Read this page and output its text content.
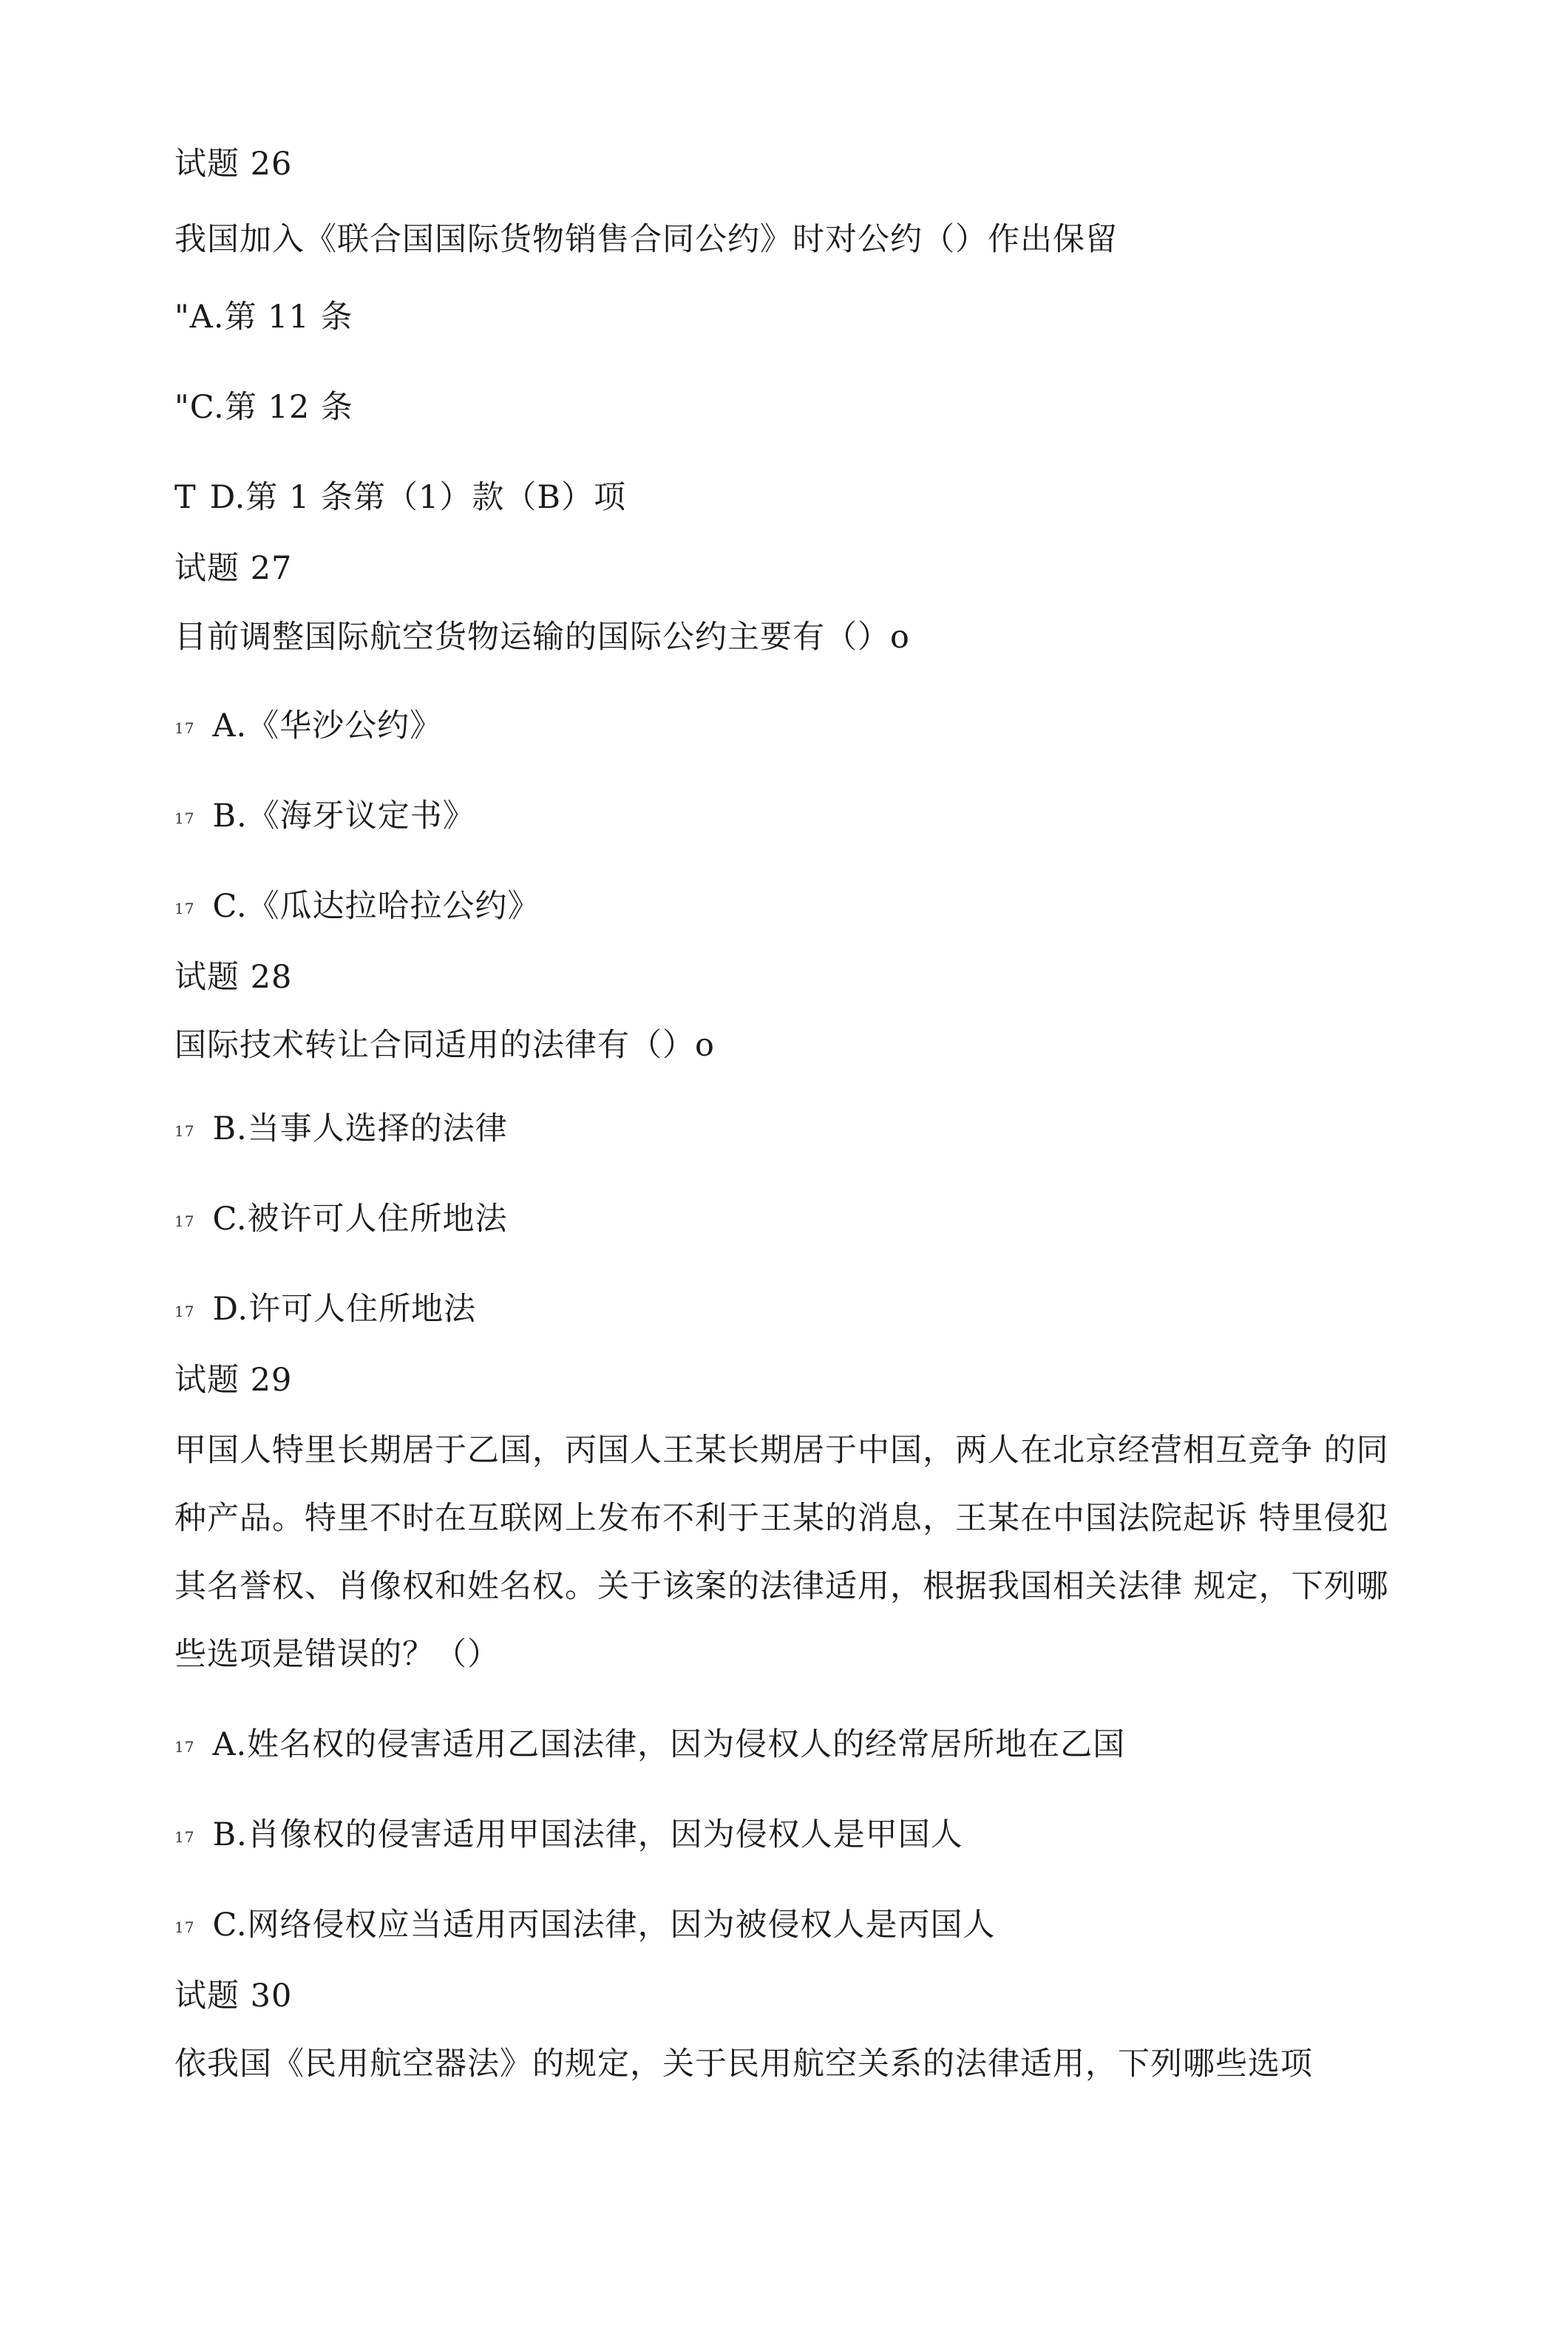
试题 26
我国加入《联合国国际货物销售合同公约》时对公约（）作出保留
"A.第 11 条
"C.第 12 条
T D.第 1 条第（1）款（B）项
试题 27
目前调整国际航空货物运输的国际公约主要有（）o
17 A.《华沙公约》
17 B.《海牙议定书》
17 C.《瓜达拉哈拉公约》
试题 28
国际技术转让合同适用的法律有（）o
17 B.当事人选择的法律
17 C.被许可人住所地法
17 D.许可人住所地法
试题 29
甲国人特里长期居于乙国，丙国人王某长期居于中国，两人在北京经营相互竞争 的同
种产品。特里不时在互联网上发布不利于王某的消息，王某在中国法院起诉 特里侵犯
其名誉权、肖像权和姓名权。关于该案的法律适用，根据我国相关法律 规定，下列哪
些选项是错误的？（）
17 A.姓名权的侵害适用乙国法律，因为侵权人的经常居所地在乙国
17 B.肖像权的侵害适用甲国法律，因为侵权人是甲国人
17 C.网络侵权应当适用丙国法律，因为被侵权人是丙国人
试题 30
依我国《民用航空器法》的规定，关于民用航空关系的法律适用，下列哪些选项
